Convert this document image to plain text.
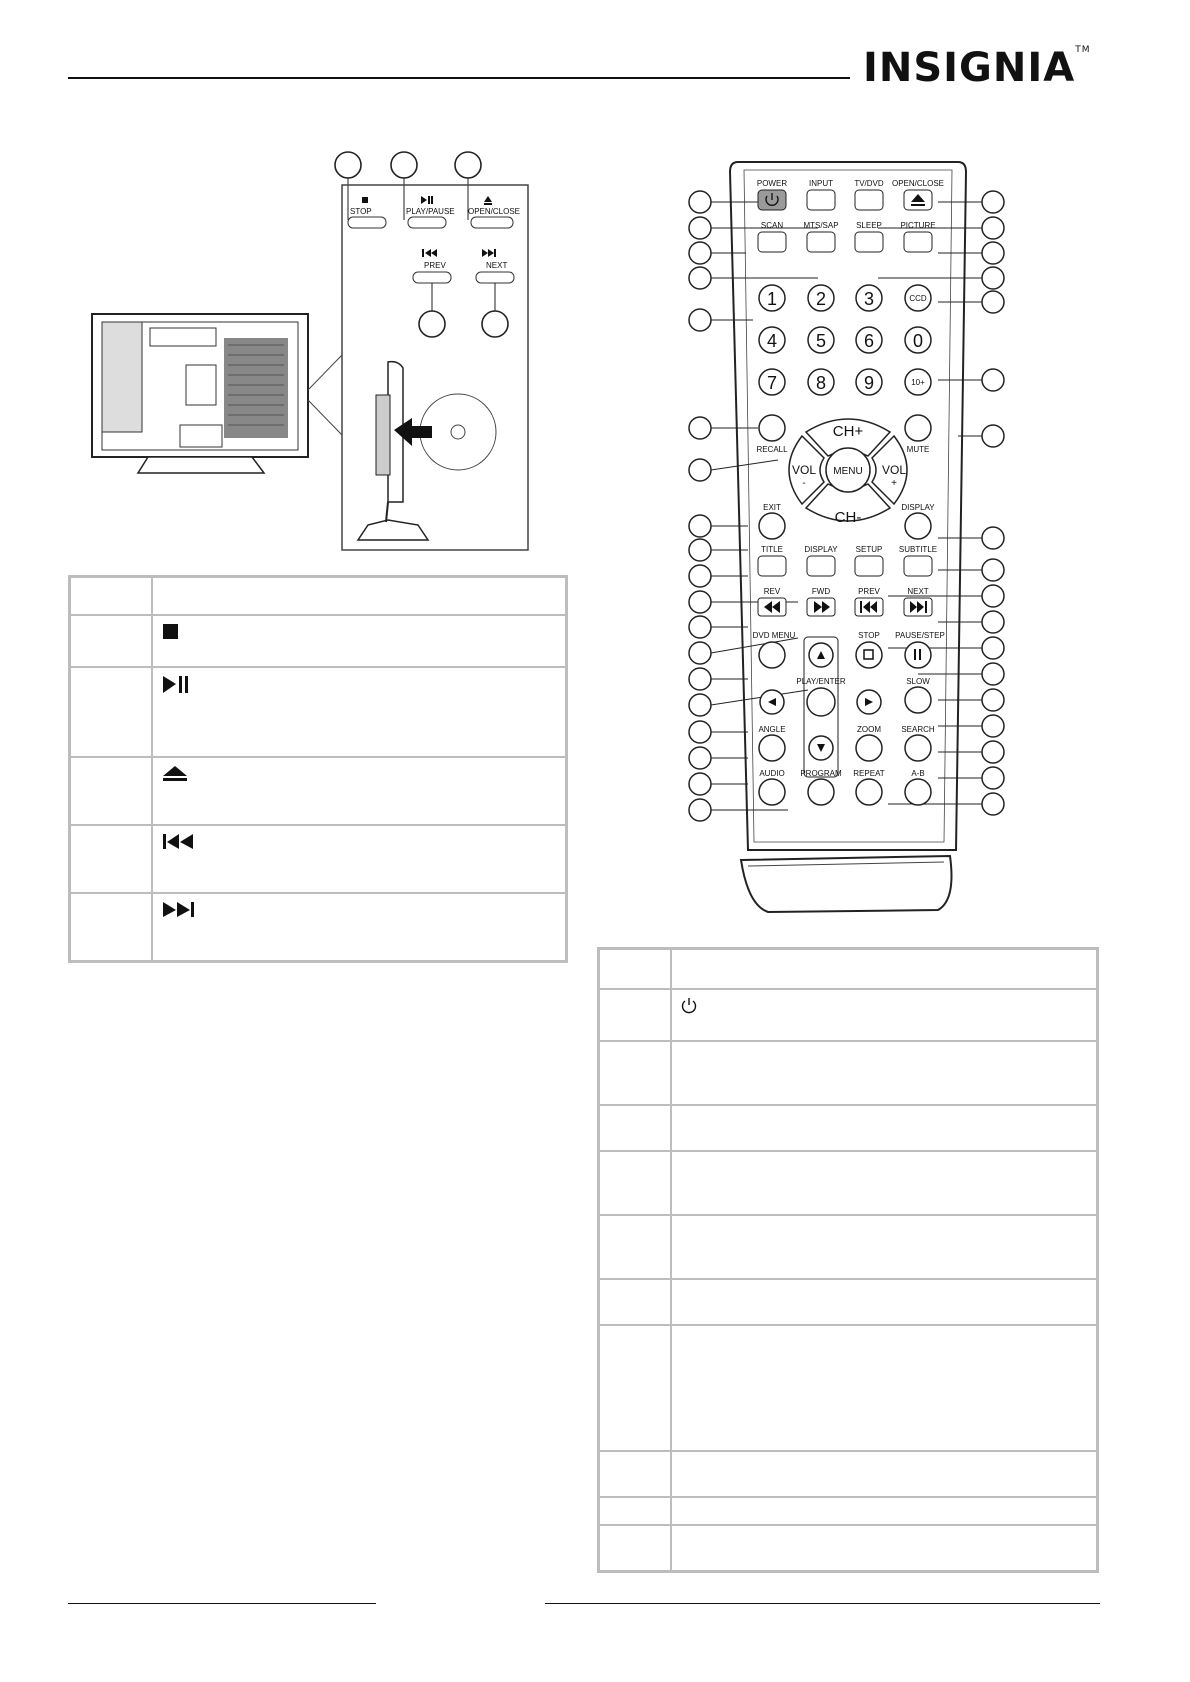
INSIGNIA™
STOP	PLAY/PAUSE OPEN/CLOSE
PREV	NEXT

1 2 3
4 5 6 0
7 8 9
POWER	INPUT	TV/DVD OPEN/CLOSE
SCAN	MTS/SAP SLEEP PICTURE
CCD
10+
RECALL	MUTE
EXIT	DISPLAY
TITLE	DISPLAY SETUP SUBTITLE
REV	FWD	PREV	NEXT
DVD MENU	STOP PAUSE/STEP
PLAY/ENTER	SLOW
ANGLE	ZOOM	SEARCH
AUDIO PROGRAM REPEAT	A-B
CH+
CH-
VOL
-
VOL
+
MENU
